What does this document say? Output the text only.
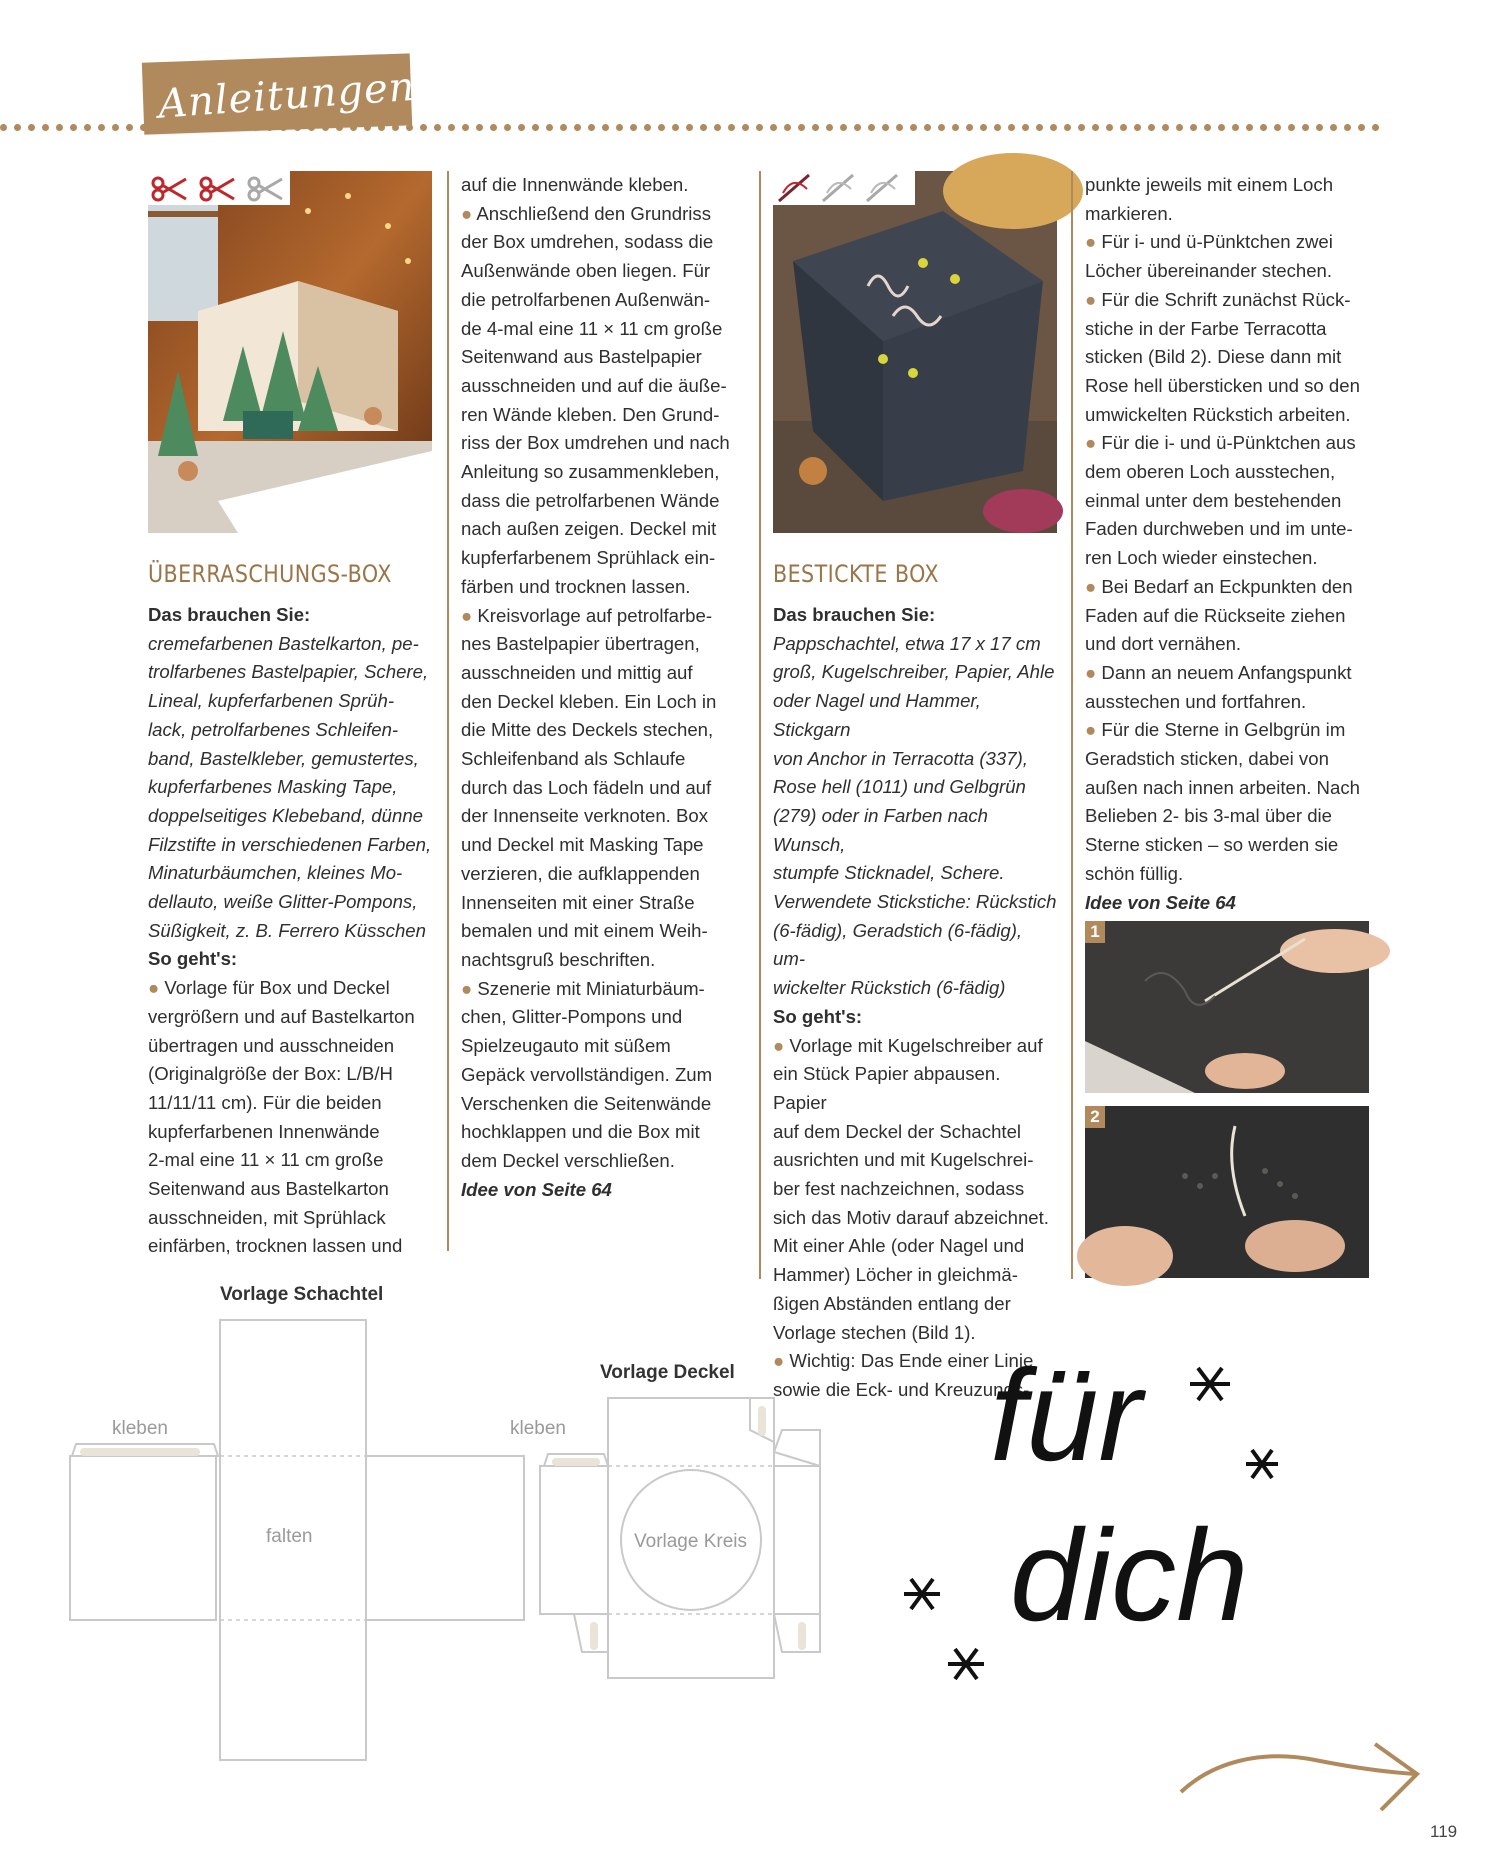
Anleitungen
ÜBERRASCHUNGS-BOX

Das brauchen Sie:

cremefarbenen Bastelkarton, pe-

trolfarbenes Bastelpapier, Schere,

Lineal, kupferfarbenen Sprüh-

lack, petrolfarbenes Schleifen-

band, Bastelkleber, gemustertes,

kupferfarbenes Masking Tape,

doppelseitiges Klebeband, dünne

Filzstifte in verschiedenen Farben,

Minaturbäumchen, kleines Mo-

dellauto, weiße Glitter-Pompons,

Süßigkeit, z. B. Ferrero Küsschen

So geht's:

● Vorlage für Box und Deckel

vergrößern und auf Bastelkarton

übertragen und ausschneiden

(Originalgröße der Box: L/B/H

11/11/11 cm). Für die beiden

kupferfarbenen Innenwände

2-mal eine 11 × 11 cm große

Seitenwand aus Bastelkarton

ausschneiden, mit Sprühlack

einfärben, trocknen lassen und

auf die Innenwände kleben.

● Anschließend den Grundriss

der Box umdrehen, sodass die

Außenwände oben liegen. Für

die petrolfarbenen Außenwän-

de 4-mal eine 11 × 11 cm große

Seitenwand aus Bastelpapier

ausschneiden und auf die äuße-

ren Wände kleben. Den Grund-

riss der Box umdrehen und nach

Anleitung so zusammenkleben,

dass die petrolfarbenen Wände

nach außen zeigen. Deckel mit

kupferfarbenem Sprühlack ein-

färben und trocknen lassen.

● Kreisvorlage auf petrolfarbe-

nes Bastelpapier übertragen,

ausschneiden und mittig auf

den Deckel kleben. Ein Loch in

die Mitte des Deckels stechen,

Schleifenband als Schlaufe

durch das Loch fädeln und auf

der Innenseite verknoten. Box

und Deckel mit Masking Tape

verzieren, die aufklappenden

Innenseiten mit einer Straße

bemalen und mit einem Weih-

nachtsgruß beschriften.

● Szenerie mit Miniaturbäum-

chen, Glitter-Pompons und

Spielzeugauto mit süßem

Gepäck vervollständigen. Zum

Verschenken die Seitenwände

hochklappen und die Box mit

dem Deckel verschließen.

Idee von Seite 64

BESTICKTE BOX

Das brauchen Sie:

Pappschachtel, etwa 17 x 17 cm

groß, Kugelschreiber, Papier, Ahle

oder Nagel und Hammer, Stickgarn

von Anchor in Terracotta (337),

Rose hell (1011) und Gelbgrün

(279) oder in Farben nach Wunsch,

stumpfe Sticknadel, Schere.

Verwendete Stickstiche: Rückstich

(6-fädig), Geradstich (6-fädig), um-

wickelter Rückstich (6-fädig)

So geht's:

● Vorlage mit Kugelschreiber auf

ein Stück Papier abpausen. Papier

auf dem Deckel der Schachtel

ausrichten und mit Kugelschrei-

ber fest nachzeichnen, sodass

sich das Motiv darauf abzeichnet.

Mit einer Ahle (oder Nagel und

Hammer) Löcher in gleichmä-

ßigen Abständen entlang der

Vorlage stechen (Bild 1).

● Wichtig: Das Ende einer Linie

sowie die Eck- und Kreuzungs-

punkte jeweils mit einem Loch

markieren.

● Für i- und ü-Pünktchen zwei

Löcher übereinander stechen.

● Für die Schrift zunächst Rück-

stiche in der Farbe Terracotta

sticken (Bild 2). Diese dann mit

Rose hell übersticken und so den

umwickelten Rückstich arbeiten.

● Für die i- und ü-Pünktchen aus

dem oberen Loch ausstechen,

einmal unter dem bestehenden

Faden durchweben und im unte-

ren Loch wieder einstechen.

● Bei Bedarf an Eckpunkten den

Faden auf die Rückseite ziehen

und dort vernähen.

● Dann an neuem Anfangspunkt

ausstechen und fortfahren.

● Für die Sterne in Gelbgrün im

Geradstich sticken, dabei von

außen nach innen arbeiten. Nach

Belieben 2- bis 3-mal über die

Sterne sticken – so werden sie

schön füllig.

Idee von Seite 64

1
2
Vorlage Schachtel
Vorlage Deckel
kleben
falten
kleben
Vorlage Kreis
für
dich
119
